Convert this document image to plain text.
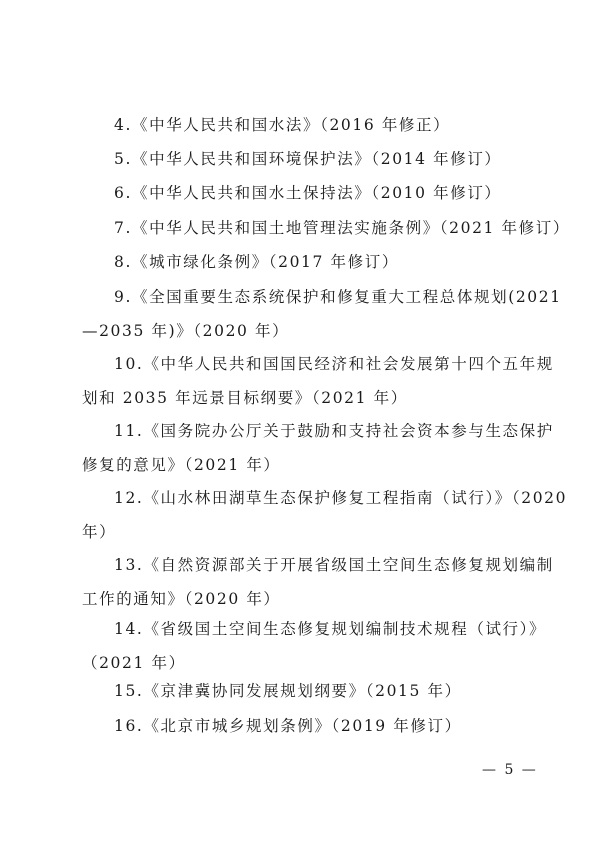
4.《中华人民共和国水法》（2016 年修正）
5.《中华人民共和国环境保护法》（2014 年修订）
6.《中华人民共和国水土保持法》（2010 年修订）
7.《中华人民共和国土地管理法实施条例》（2021 年修订）
8.《城市绿化条例》（2017 年修订）
9.《全国重要生态系统保护和修复重大工程总体规划(2021
—2035 年)》（2020 年）
10.《中华人民共和国国民经济和社会发展第十四个五年规
划和 2035 年远景目标纲要》（2021 年）
11.《国务院办公厅关于鼓励和支持社会资本参与生态保护
修复的意见》（2021 年）
12.《山水林田湖草生态保护修复工程指南（试行）》（2020
年）
13.《自然资源部关于开展省级国土空间生态修复规划编制
工作的通知》（2020 年）
14.《省级国土空间生态修复规划编制技术规程（试行）》
（2021 年）
15.《京津冀协同发展规划纲要》（2015 年）
16.《北京市城乡规划条例》（2019 年修订）
— 5 —
